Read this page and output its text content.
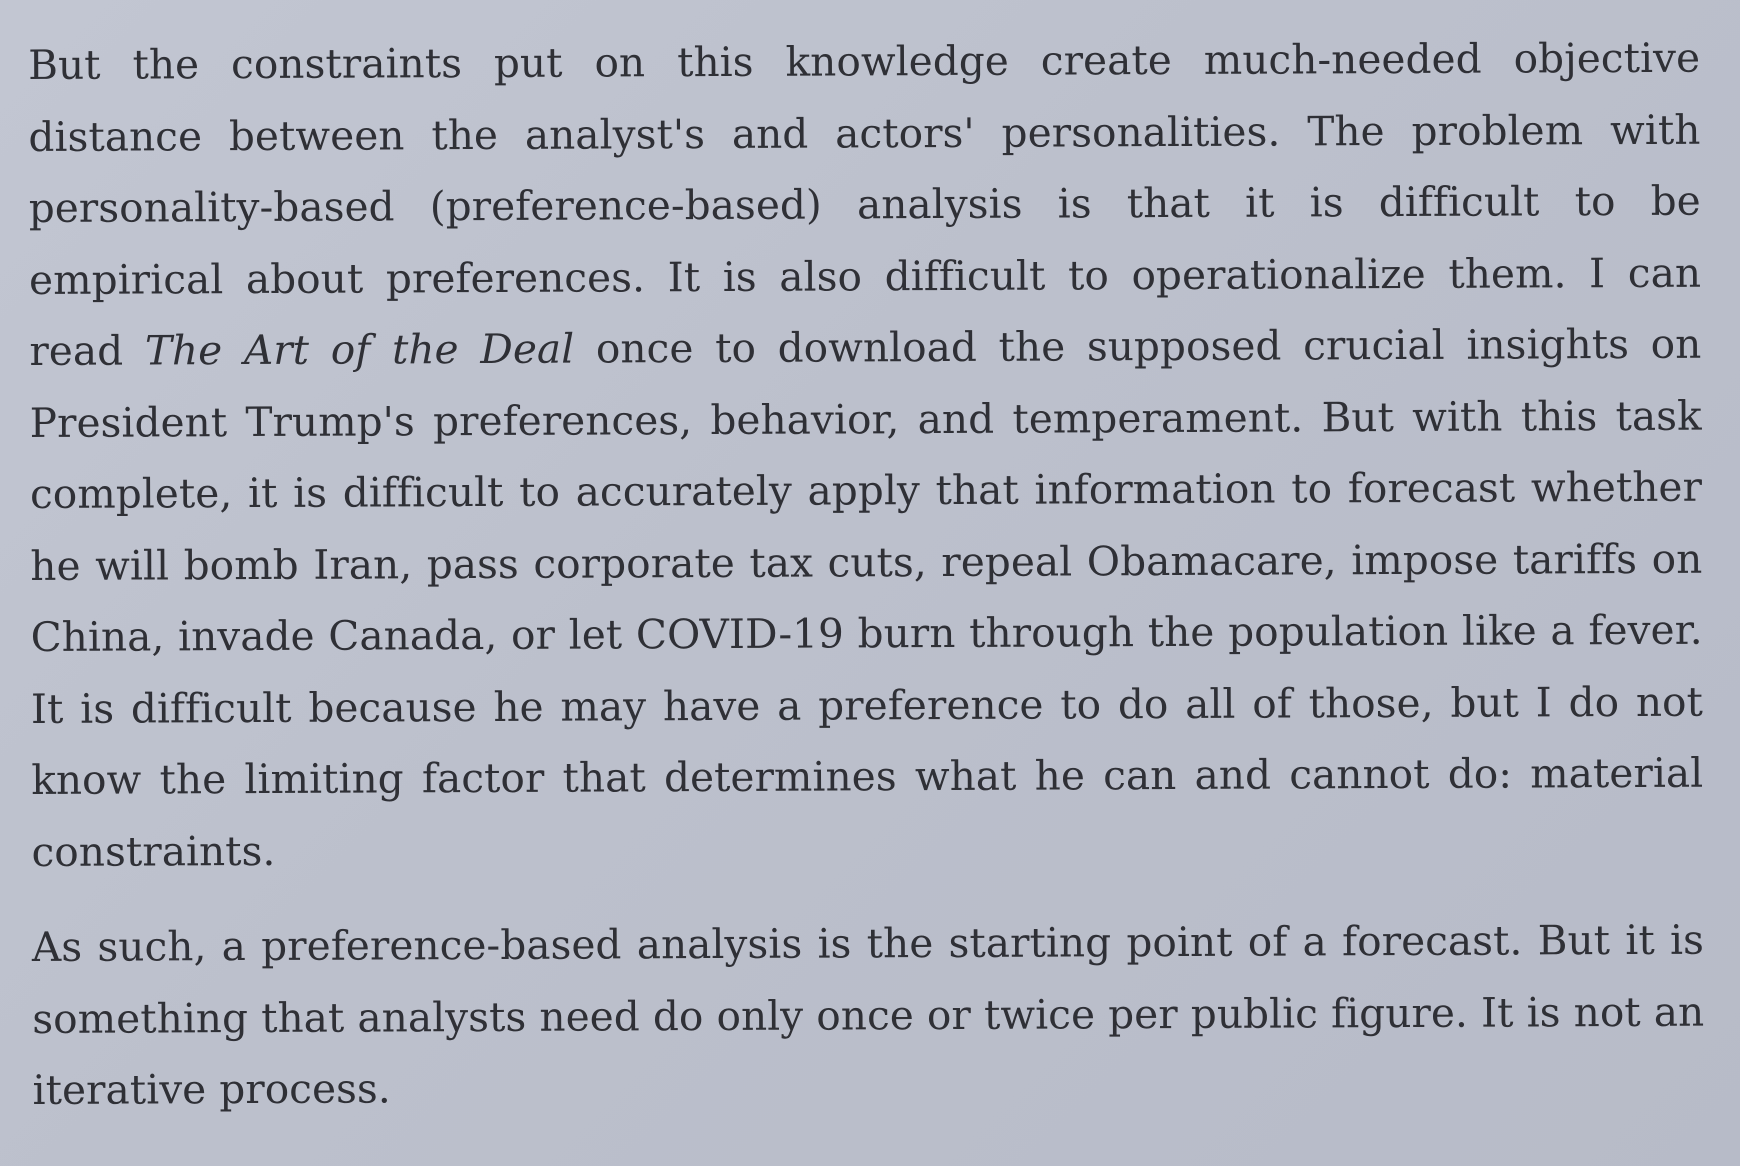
But the constraints put on this knowledge create much-needed objective distance between the analyst's and actors' personalities. The problem with personality-based (preference-based) analysis is that it is difficult to be empirical about preferences. It is also difficult to operationalize them. I can read The Art of the Deal once to download the supposed crucial insights on President Trump's preferences, behavior, and temperament. But with this task complete, it is difficult to accurately apply that information to forecast whether he will bomb Iran, pass corporate tax cuts, repeal Obamacare, impose tariffs on China, invade Canada, or let COVID-19 burn through the population like a fever. It is difficult because he may have a preference to do all of those, but I do not know the limiting factor that determines what he can and cannot do: material constraints.

As such, a preference-based analysis is the starting point of a forecast. But it is something that analysts need do only once or twice per public figure. It is not an iterative process.
